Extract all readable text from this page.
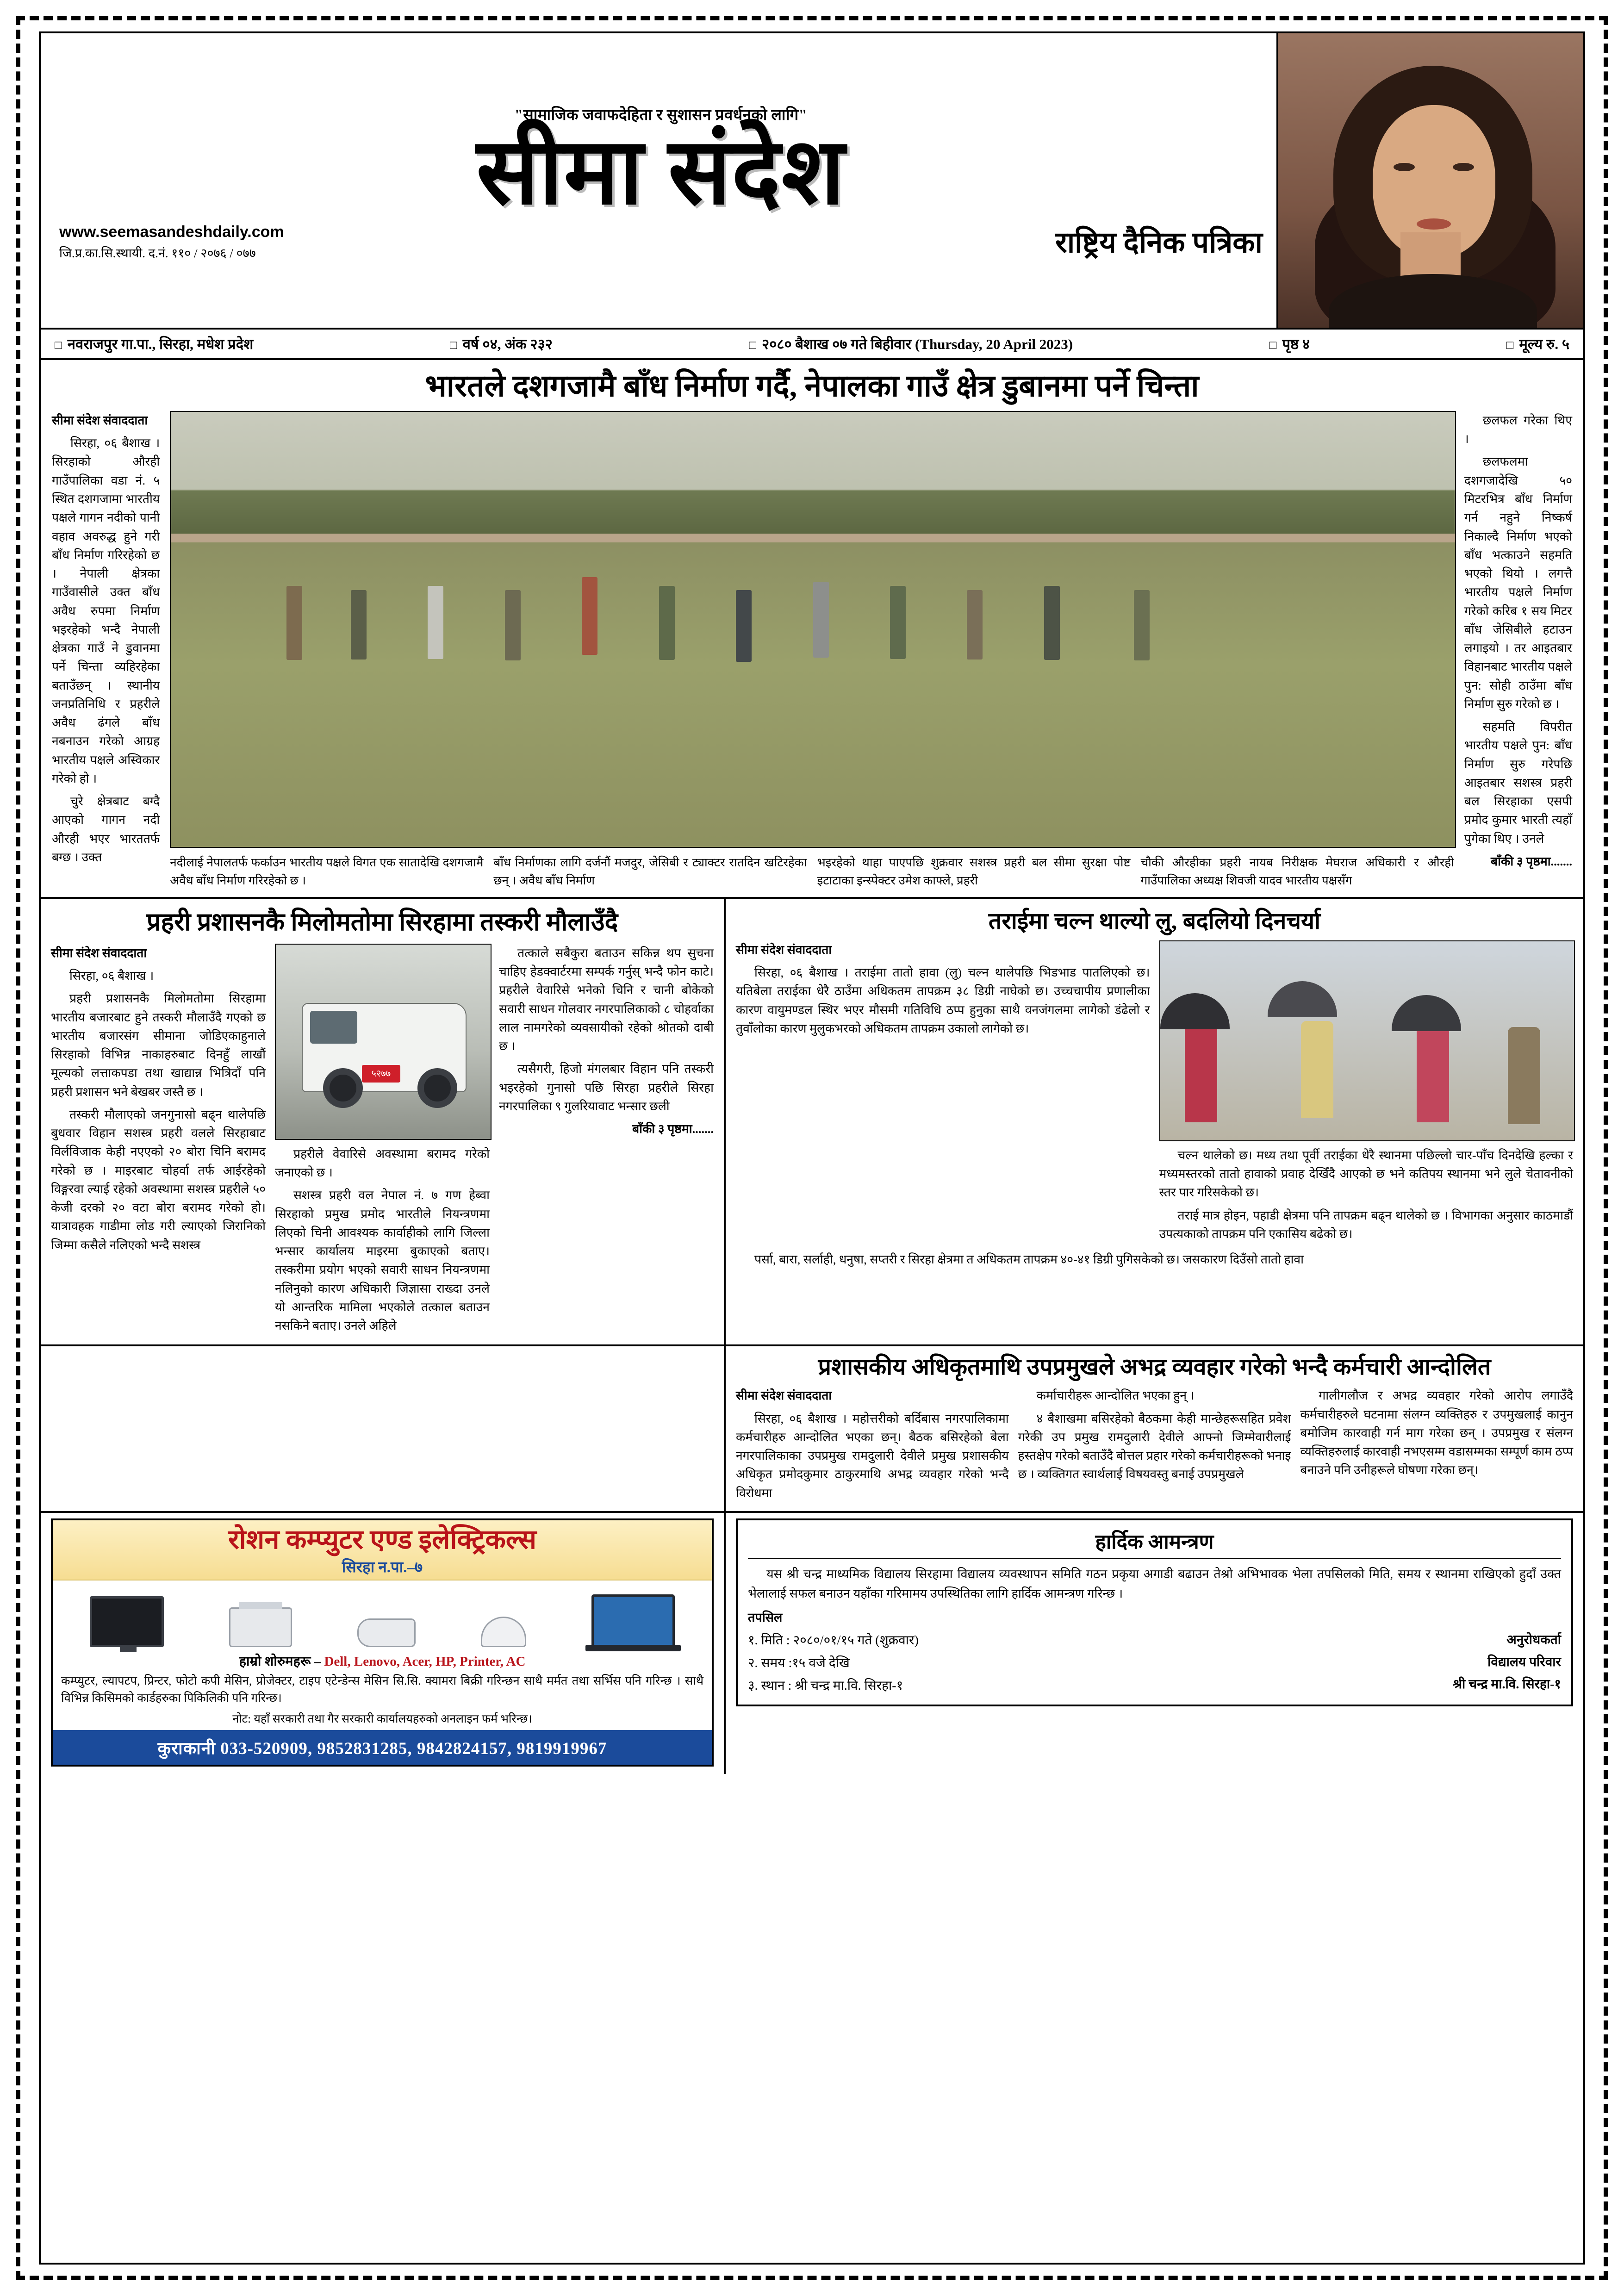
"सामाजिक जवाफदेहिता र सुशासन प्रवर्धनको लागि"
सीमा संदेश
www.seemasandeshdaily.com
जि.प्र.का.सि.स्थायी. द.नं. ११० / २०७६ / ०७७	राष्ट्रिय दैनिक पत्रिका
□ नवराजपुर गा.पा., सिरहा, मधेश प्रदेश	□ वर्ष ०४, अंक २३२	□ २०८० बैशाख ०७ गते बिहीवार (Thursday, 20 April 2023)	□ पृष्ठ ४	□ मूल्य रु. ५
भारतले दशगजामै बाँध निर्माण गर्दै, नेपालका गाउँ क्षेत्र डुबानमा पर्ने चिन्ता

सीमा संदेश संवाददाता

सिरहा, ०६ बैशाख । सिरहाको औरही गाउँपालिका वडा नं. ५ स्थित दशगजामा भारतीय पक्षले गागन नदीको पानी वहाव अवरुद्ध हुने गरी बाँध निर्माण गरिरहेको छ । नेपाली क्षेत्रका गाउँवासीले उक्त बाँध अवैध रुपमा निर्माण भइरहेको भन्दै नेपाली क्षेत्रका गाउँ ने डुवानमा पर्ने चिन्ता व्यहिरहेका बताउँछन् । स्थानीय जनप्रतिनिधि र प्रहरीले अवैध ढंगले बाँध नबनाउन गरेको आग्रह भारतीय पक्षले अस्विकार गरेको हो ।

चुरे क्षेत्रबाट बग्दै आएको गागन नदी औरही भएर भारततर्फ बग्छ । उक्त	नदीलाई नेपालतर्फ फर्काउन भारतीय पक्षले विगत एक सातादेखि दशगजामै अवैध बाँध निर्माण गरिरहेको छ ।
बाँध निर्माणका लागि दर्जनौं मजदुर, जेसिबी र ट्याक्टर रातदिन खटिरहेका छन् । अवैध बाँध निर्माण
भइरहेको थाहा पाएपछि शुक्रवार सशस्त्र प्रहरी बल सीमा सुरक्षा पोष्ट इटाटाका इन्स्पेक्टर उमेश काफ्ले, प्रहरी
चौकी औरहीका प्रहरी नायब निरीक्षक मेघराज अधिकारी र औरही गाउँपालिका अध्यक्ष शिवजी यादव भारतीय पक्षसँग

छलफल गरेका थिए ।

छलफलमा दशगजादेखि ५० मिटरभित्र बाँध निर्माण गर्न नहुने निष्कर्ष निकाल्दै निर्माण भएको बाँध भत्काउने सहमति भएको थियो । लगत्तै भारतीय पक्षले निर्माण गरेको करिब १ सय मिटर बाँध जेसिबीले हटाउन लगाइयो । तर आइतबार विहानबाट भारतीय पक्षले पुन: सोही ठाउँमा बाँध निर्माण सुरु गरेको छ ।

सहमति विपरीत भारतीय पक्षले पुन: बाँध निर्माण सुरु गरेपछि आइतबार सशस्त्र प्रहरी बल सिरहाका एसपी प्रमोद कुमार भारती त्यहाँ पुगेका थिए । उनले

बाँकी ३ पृष्ठमा.......

प्रहरी प्रशासनकै मिलोमतोमा सिरहामा तस्करी मौलाउँदै

सीमा संदेश संवाददाता

सिरहा, ०६ बैशाख ।

प्रहरी प्रशासनकै मिलोमतोमा सिरहामा भारतीय बजारबाट हुने तस्करी मौलाउँदै गएको छ भारतीय बजारसंग सीमाना जोडिएकाहुनाले सिरहाको विभिन्न नाकाहरुबाट दिनहुँ लाखौं मूल्यको लत्ताकपडा तथा खाद्यान्न भित्रिदाँ पनि प्रहरी प्रशासन भने बेखबर जस्तै छ ।

तस्करी मौलाएको जनगुनासो बढ्न थालेपछि बुधवार विहान सशस्त्र प्रहरी वलले सिरहाबाट विर्लविजाक केही नएएको २० बोरा चिनि बरामद गरेको छ । माइरबाट चोहर्वा तर्फ आईरहेको विङ्गरवा ल्याई रहेको अवस्थामा सशस्त्र प्रहरीले ५० केजी दरको २० वटा बोरा बरामद गरेको हो। यात्रावहक गाडीमा लोड गरी ल्याएको जिरानिको जिम्मा कसैले नलिएको भन्दै सशस्त्र

५२७७

प्रहरीले वेवारिसे अवस्थामा बरामद गरेको जनाएको छ ।

सशस्त्र प्रहरी वल नेपाल नं. ७ गण हेब्वा सिरहाको प्रमुख प्रमोद भारतीले नियन्त्रणमा लिएको चिनी आवश्यक कार्वाहीको लागि जिल्ला भन्सार कार्यालय माइरमा बुकाएको बताए। तस्करीमा प्रयोग भएको सवारी साधन नियन्त्रणमा नलिनुको कारण अधिकारी जिज्ञासा राख्दा उनले यो आन्तरिक मामिला भएकोले तत्काल बताउन नसकिने बताए। उनले अहिले

तत्काले सबैकुरा बताउन सकिन्न थप सुचना चाहिए हेडक्वार्टरमा सम्पर्क गर्नुस् भन्दै फोन काटे। प्रहरीले वेवारिसे भनेको चिनि र चानी बोकेको सवारी साधन गोलवार नगरपालिकाको ८ चोहर्वाका लाल नामगरेको व्यवसायीको रहेको श्रोतको दाबी छ ।

त्यसैगरी, हिजो मंगलबार विहान पनि तस्करी भइरहेको गुनासो पछि सिरहा प्रहरीले सिरहा नगरपालिका ९ गुलरियावाट भन्सार छली

बाँकी ३ पृष्ठमा.......

तराईमा चल्न थाल्यो लु, बदलियो दिनचर्या

सीमा संदेश संवाददाता

सिरहा, ०६ बैशाख । तराईमा तातो हावा (लु) चल्न थालेपछि भिडभाड पातलिएको छ। यतिबेला तराईका धेरै ठाउँमा अधिकतम तापक्रम ३८ डिग्री नाघेको छ। उच्चचापीय प्रणालीका कारण वायुमण्डल स्थिर भएर मौसमी गतिविधि ठप्प हुनुका साथै वनजंगलमा लागेको डंढेलो र तुवाँलोका कारण मुलुकभरको अधिकतम तापक्रम उकालो लागेको छ।

चल्न थालेको छ। मध्य तथा पूर्वी तराईका धेरै स्थानमा पछिल्लो चार-पाँच दिनदेखि हल्का र मध्यमस्तरको तातो हावाको प्रवाह देखिँदै आएको छ भने कतिपय स्थानमा भने लुले चेतावनीको स्तर पार गरिसकेको छ।

तराई मात्र होइन, पहाडी क्षेत्रमा पनि तापक्रम बढ्न थालेको छ । विभागका अनुसार काठमाडौं उपत्यकाको तापक्रम पनि एकासिय बढेको छ।

पर्सा, बारा, सर्लाही, धनुषा, सप्तरी र सिरहा क्षेत्रमा त अधिकतम तापक्रम ४०-४१ डिग्री पुगिसकेको छ। जसकारण दिउँसो तातो हावा

प्रशासकीय अधिकृतमाथि उपप्रमुखले अभद्र व्यवहार गरेको भन्दै कर्मचारी आन्दोलित

सीमा संदेश संवाददाता

सिरहा, ०६ बैशाख । महोत्तरीको बर्दिबास नगरपालिकामा कर्मचारीहरु आन्दोलित भएका छन्। बैठक बसिरहेको बेला नगरपालिकाका उपप्रमुख रामदुलारी देवीले प्रमुख प्रशासकीय अधिकृत प्रमोदकुमार ठाकुरमाथि अभद्र व्यवहार गरेको भन्दै विरोधमा

कर्माचारीहरू आन्दोलित भएका हुन् ।

४ बैशाखमा बसिरहेको बैठकमा केही मान्छेहरूसहित प्रवेश गरेकी उप प्रमुख रामदुलारी देवीले आफ्नो जिम्मेवारीलाई हस्तक्षेप गरेको बताउँदै बोत्तल प्रहार गरेको कर्मचारीहरूको भनाइ छ । व्यक्तिगत स्वार्थलाई विषयवस्तु बनाई उपप्रमुखले

गालीगलौज र अभद्र व्यवहार गरेको आरोप लगाउँदै कर्मचारीहरुले घटनामा संलग्न व्यक्तिहरु र उपमुखलाई कानुन बमोजिम कारवाही गर्न माग गरेका छन् । उपप्रमुख र संलग्न व्यक्तिहरुलाई कारवाही नभएसम्म वडासम्मका सम्पूर्ण काम ठप्प बनाउने पनि उनीहरूले घोषणा गरेका छन्।

रोशन कम्प्युटर एण्ड इलेक्ट्रिकल्स
सिरहा न.पा.–७
हाम्रो शोरुमहरू – Dell, Lenovo, Acer, HP, Printer, AC
कम्प्युटर, ल्यापटप, प्रिन्टर, फोटो कपी मेसिन, प्रोजेक्टर, टाइप एटेन्डेन्स मेसिन सि.सि. क्यामरा बिक्री गरिन्छन साथै मर्मत तथा सर्भिस पनि गरिन्छ । साथै विभिन्न किसिमको कार्डहरुका पिकिलिकी पनि गरिन्छ।
नोट: यहाँ सरकारी तथा गैर सरकारी कार्यालयहरुको अनलाइन फर्म भरिन्छ।
कुराकानी 033-520909, 9852831285, 9842824157, 9819919967
हार्दिक आमन्त्रण

यस श्री चन्द्र माध्यमिक विद्यालय सिरहामा विद्यालय व्यवस्थापन समिति गठन प्रकृया अगाडी बढाउन तेश्रो अभिभावक भेला तपसिलको मिति, समय र स्थानमा राखिएको हुदाँ उक्त भेलालाई सफल बनाउन यहाँका गरिमामय उपस्थितिका लागि हार्दिक आमन्त्रण गरिन्छ ।

तपसिल

१. मिति : २०८०/०१/१५ गते (शुक्रवार)
२. समय :१५ वजे देखि
३. स्थान : श्री चन्द्र मा.वि. सिरहा-१
अनुरोधकर्ता
विद्यालय परिवार
श्री चन्द्र मा.वि. सिरहा-१
